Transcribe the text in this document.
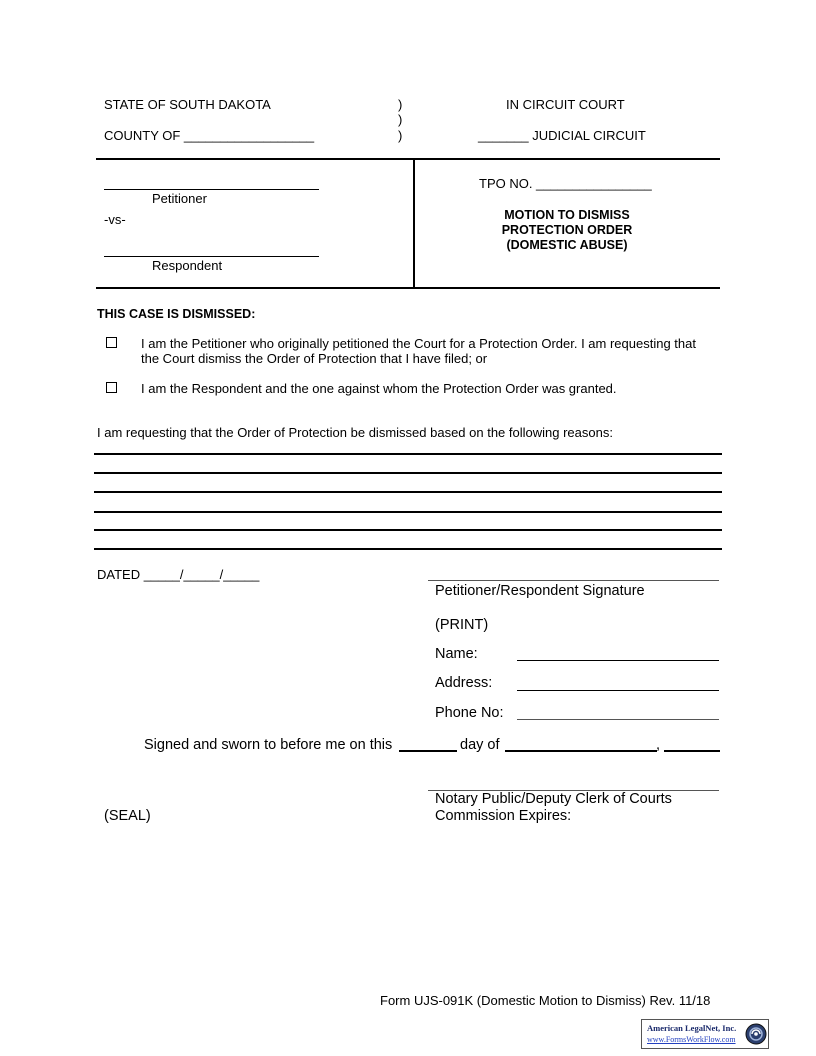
STATE OF SOUTH DAKOTA
COUNTY OF __________________
)
)
)
IN CIRCUIT COURT
_______ JUDICIAL CIRCUIT
Petitioner
-vs-
Respondent
TPO NO. ________________
MOTION TO DISMISS
PROTECTION ORDER
(DOMESTIC ABUSE)
THIS CASE IS DISMISSED:
I am the Petitioner who originally petitioned the Court for a Protection Order. I am requesting that
the Court dismiss the Order of Protection that I have filed; or
I am the Respondent and the one against whom the Protection Order was granted.
I am requesting that the Order of Protection be dismissed based on the following reasons:
DATED _____/_____/_____
Petitioner/Respondent Signature
(PRINT)
Name:
Address:
Phone No:
Signed and sworn to before me on this	day of	,
Notary Public/Deputy Clerk of Courts
Commission Expires:
(SEAL)
Form UJS-091K (Domestic Motion to Dismiss) Rev. 11/18
American LegalNet, Inc.
www.FormsWorkFlow.com
